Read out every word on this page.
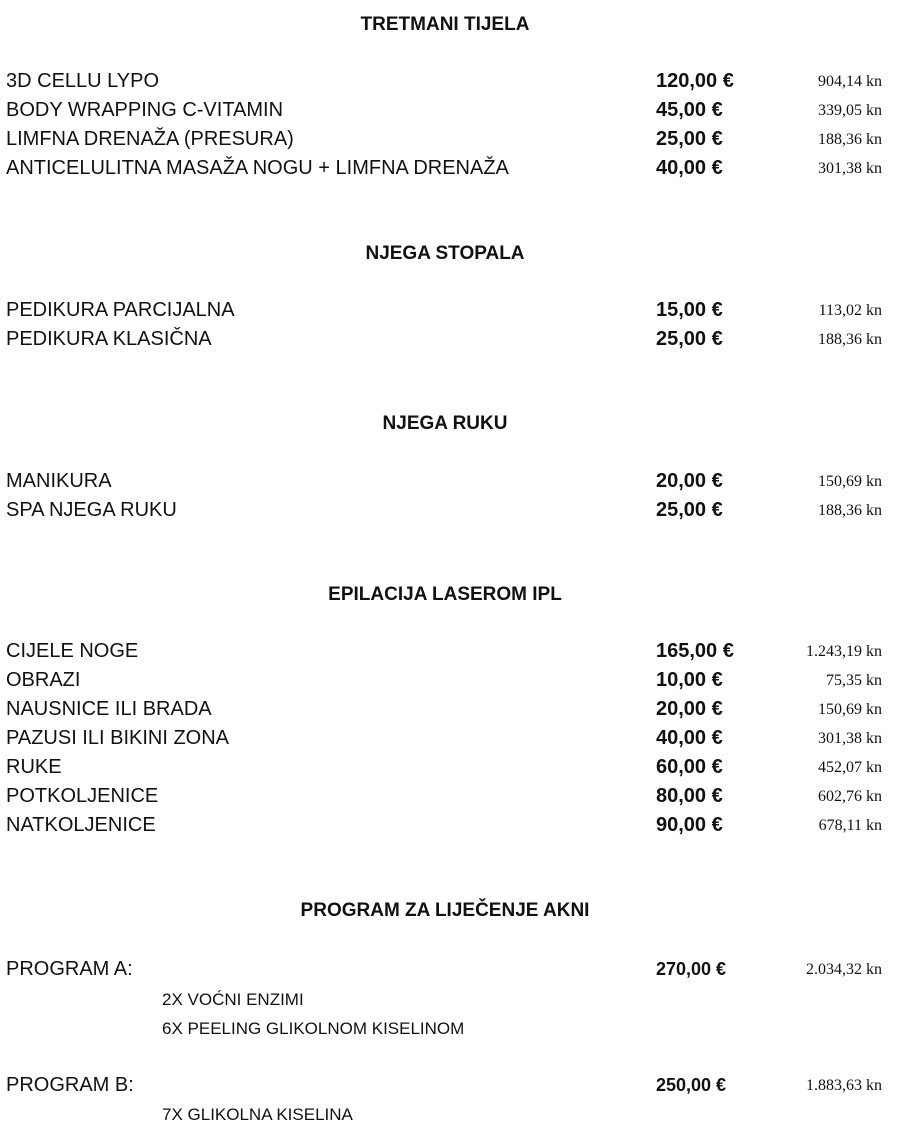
TRETMANI TIJELA
3D CELLU LYPO	120,00 €	904,14 kn
BODY WRAPPING C-VITAMIN	45,00 €	339,05 kn
LIMFNA DRENAŽA (PRESURA)	25,00 €	188,36 kn
ANTICELULITNA MASAŽA NOGU + LIMFNA DRENAŽA	40,00 €	301,38 kn
NJEGA STOPALA
PEDIKURA PARCIJALNA	15,00 €	113,02 kn
PEDIKURA KLASIČNA	25,00 €	188,36 kn
NJEGA RUKU
MANIKURA	20,00 €	150,69 kn
SPA NJEGA RUKU	25,00 €	188,36 kn
EPILACIJA LASEROM IPL
CIJELE NOGE	165,00 €	1.243,19 kn
OBRAZI	10,00 €	75,35 kn
NAUSNICE ILI BRADA	20,00 €	150,69 kn
PAZUSI ILI BIKINI ZONA	40,00 €	301,38 kn
RUKE	60,00 €	452,07 kn
POTKOLJENICE	80,00 €	602,76 kn
NATKOLJENICE	90,00 €	678,11 kn
PROGRAM ZA LIJEČENJE AKNI
PROGRAM A:	270,00 €	2.034,32 kn
2X VOĆNI ENZIMI
6X PEELING GLIKOLNOM KISELINOM
PROGRAM B:	250,00 €	1.883,63 kn
7X GLIKOLNA KISELINA
